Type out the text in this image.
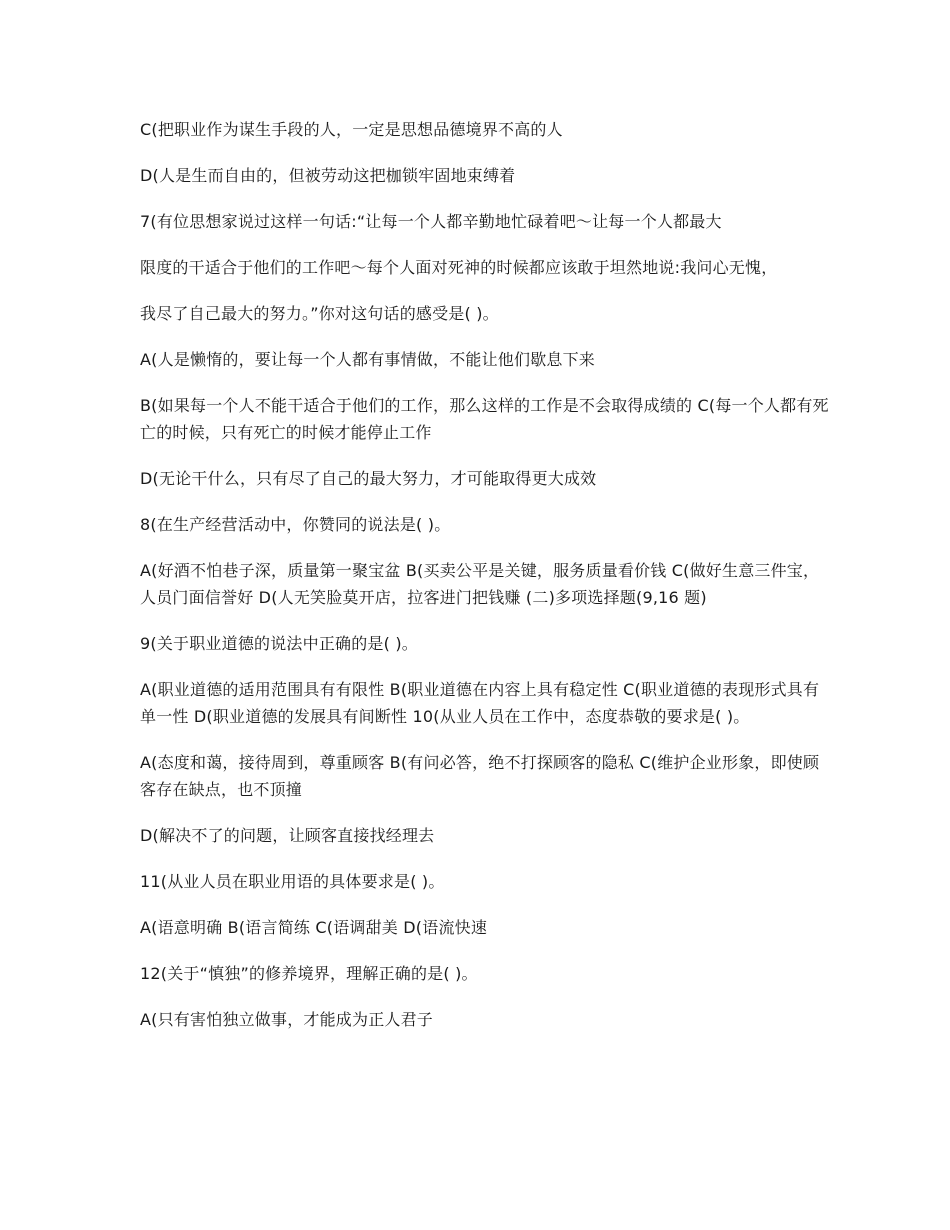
C(把职业作为谋生手段的人，一定是思想品德境界不高的人

D(人是生而自由的，但被劳动这把枷锁牢固地束缚着

7(有位思想家说过这样一句话:“让每一个人都辛勤地忙碌着吧～让每一个人都最大

限度的干适合于他们的工作吧～每个人面对死神的时候都应该敢于坦然地说:我问心无愧，

我尽了自己最大的努力。”你对这句话的感受是( )。

A(人是懒惰的，要让每一个人都有事情做，不能让他们歇息下来

B(如果每一个人不能干适合于他们的工作，那么这样的工作是不会取得成绩的 C(每一个人都有死亡的时候，只有死亡的时候才能停止工作

D(无论干什么，只有尽了自己的最大努力，才可能取得更大成效

8(在生产经营活动中，你赞同的说法是( )。

A(好酒不怕巷子深，质量第一聚宝盆 B(买卖公平是关键，服务质量看价钱 C(做好生意三件宝，人员门面信誉好 D(人无笑脸莫开店，拉客进门把钱赚 (二)多项选择题(9,16 题)

9(关于职业道德的说法中正确的是( )。

A(职业道德的适用范围具有有限性 B(职业道德在内容上具有稳定性 C(职业道德的表现形式具有单一性 D(职业道德的发展具有间断性 10(从业人员在工作中，态度恭敬的要求是( )。

A(态度和蔼，接待周到，尊重顾客 B(有问必答，绝不打探顾客的隐私 C(维护企业形象，即使顾客存在缺点，也不顶撞

D(解决不了的问题，让顾客直接找经理去

11(从业人员在职业用语的具体要求是( )。

A(语意明确 B(语言简练 C(语调甜美 D(语流快速

12(关于“慎独”的修养境界，理解正确的是( )。

A(只有害怕独立做事，才能成为正人君子
